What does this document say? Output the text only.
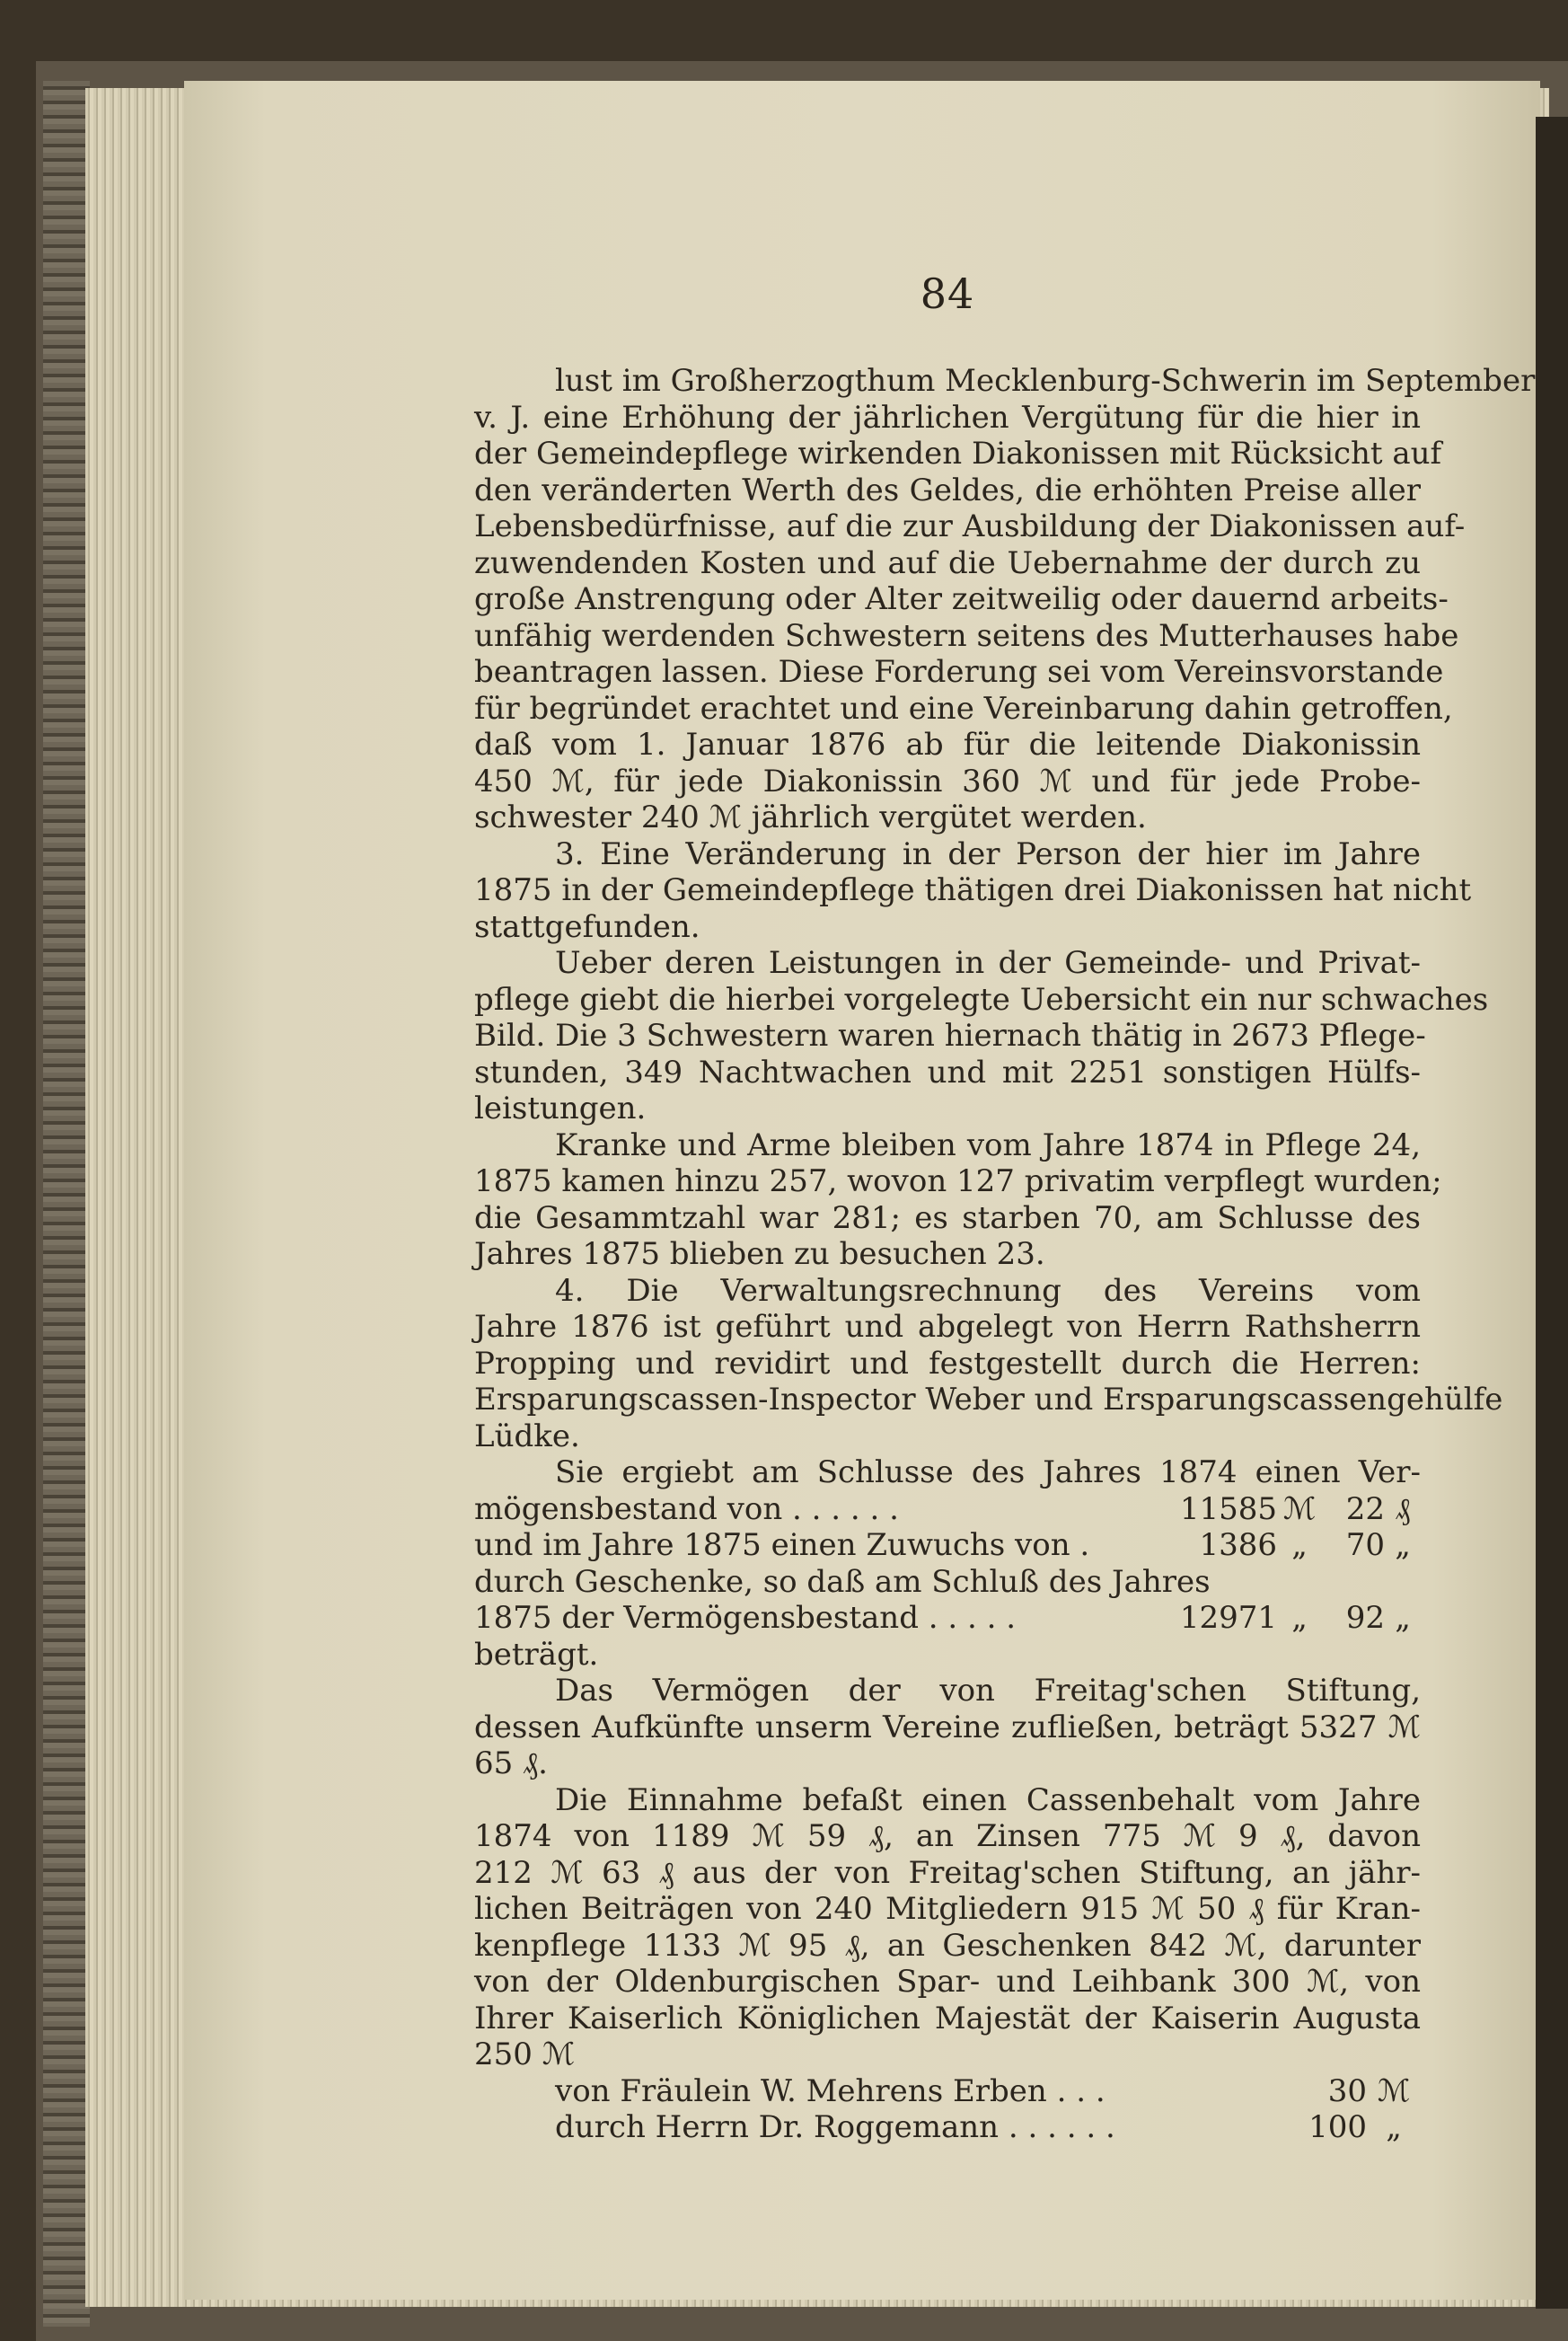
84
lust im Großherzogthum Mecklenburg-Schwerin im September
v. J. eine Erhöhung der jährlichen Vergütung für die hier in
der Gemeindepflege wirkenden Diakonissen mit Rücksicht auf
den veränderten Werth des Geldes, die erhöhten Preise aller
Lebensbedürfnisse, auf die zur Ausbildung der Diakonissen auf-
zuwendenden Kosten und auf die Uebernahme der durch zu
große Anstrengung oder Alter zeitweilig oder dauernd arbeits-
unfähig werdenden Schwestern seitens des Mutterhauses habe
beantragen lassen. Diese Forderung sei vom Vereinsvorstande
für begründet erachtet und eine Vereinbarung dahin getroffen,
daß vom 1. Januar 1876 ab für die leitende Diakonissin
450 ℳ, für jede Diakonissin 360 ℳ und für jede Probe-
schwester 240 ℳ jährlich vergütet werden.
3. Eine Veränderung in der Person der hier im Jahre
1875 in der Gemeindepflege thätigen drei Diakonissen hat nicht
stattgefunden.
Ueber deren Leistungen in der Gemeinde- und Privat-
pflege giebt die hierbei vorgelegte Uebersicht ein nur schwaches
Bild. Die 3 Schwestern waren hiernach thätig in 2673 Pflege-
stunden, 349 Nachtwachen und mit 2251 sonstigen Hülfs-
leistungen.
Kranke und Arme bleiben vom Jahre 1874 in Pflege 24,
1875 kamen hinzu 257, wovon 127 privatim verpflegt wurden;
die Gesammtzahl war 281; es starben 70, am Schlusse des
Jahres 1875 blieben zu besuchen 23.
4. Die Verwaltungsrechnung des Vereins vom
Jahre 1876 ist geführt und abgelegt von Herrn Rathsherrn
Propping und revidirt und festgestellt durch die Herren:
Ersparungscassen-Inspector Weber und Ersparungscassengehülfe
Lüdke.
Sie ergiebt am Schlusse des Jahres 1874 einen Ver-
mögensbestand von . . . . . .	11585 ℳ 22 ₰
und im Jahre 1875 einen Zuwuchs von .	1386 „	70 „
durch Geschenke, so daß am Schluß des Jahres
1875 der Vermögensbestand . . . . .	12971 „	92 „
beträgt.
Das Vermögen der von Freitag'schen Stiftung,
dessen Aufkünfte unserm Vereine zufließen, beträgt 5327 ℳ
65 ₰.
Die Einnahme befaßt einen Cassenbehalt vom Jahre
1874 von 1189 ℳ 59 ₰, an Zinsen 775 ℳ 9 ₰, davon
212 ℳ 63 ₰ aus der von Freitag'schen Stiftung, an jähr-
lichen Beiträgen von 240 Mitgliedern 915 ℳ 50 ₰ für Kran-
kenpflege 1133 ℳ 95 ₰, an Geschenken 842 ℳ, darunter
von der Oldenburgischen Spar- und Leihbank 300 ℳ, von
Ihrer Kaiserlich Königlichen Majestät der Kaiserin Augusta
250 ℳ
von Fräulein W. Mehrens Erben . . .	30 ℳ
durch Herrn Dr. Roggemann . . . . . .	100 „
